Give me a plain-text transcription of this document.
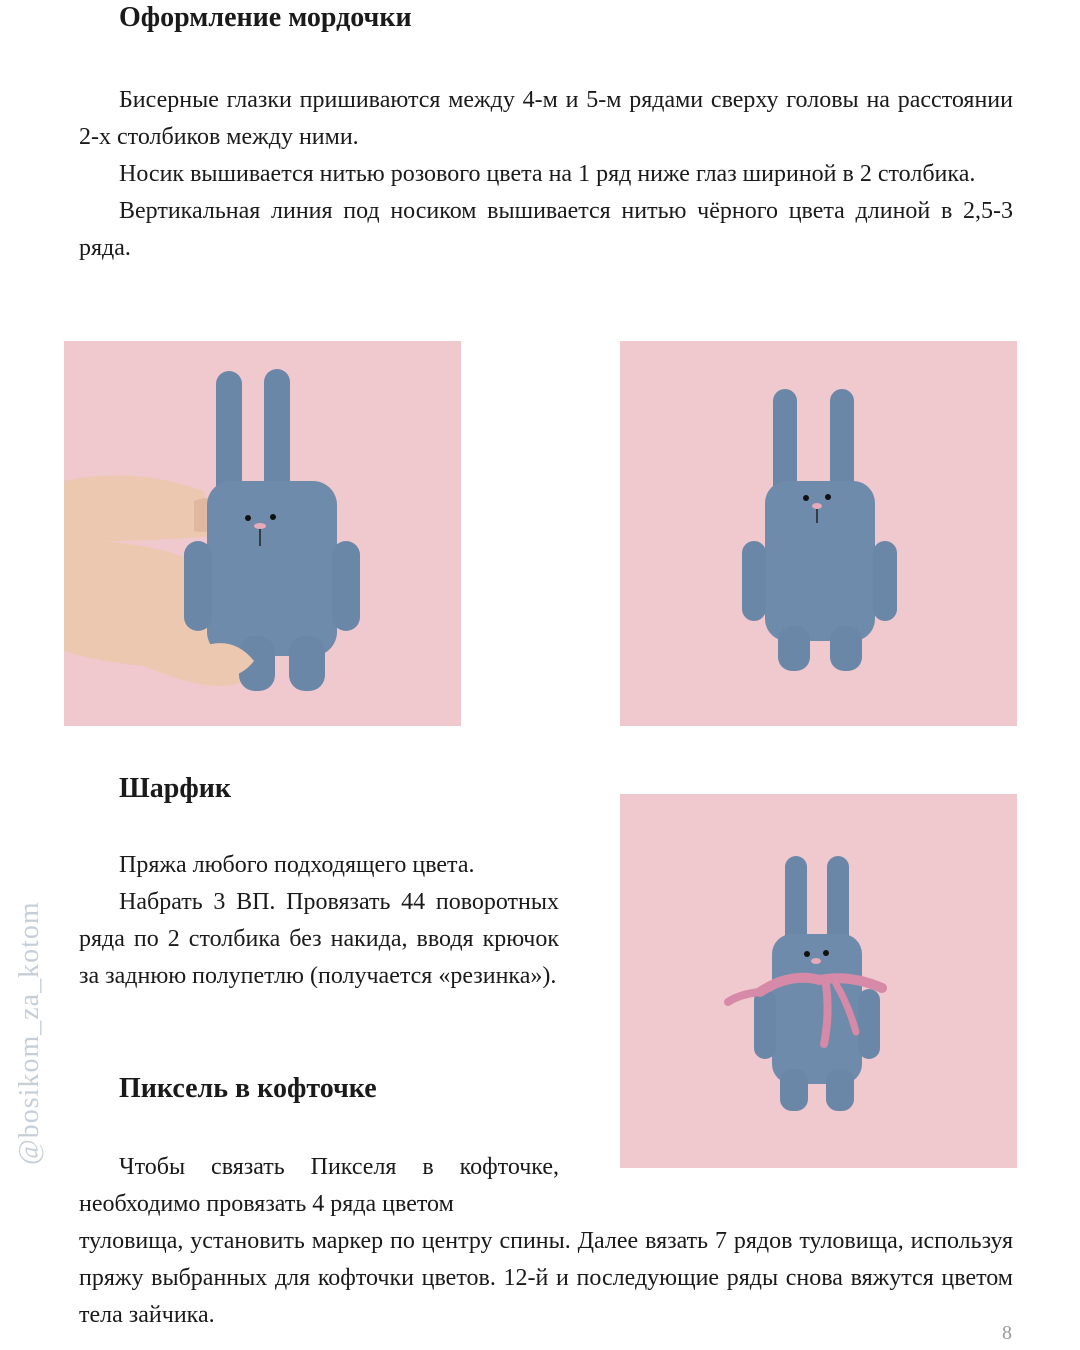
Оформление мордочки

Бисерные глазки пришиваются между 4-м и 5-м рядами сверху головы на расстоянии 2-х столбиков между ними.

Носик вышивается нитью розового цвета на 1 ряд ниже глаз шириной в 2 столбика.

Вертикальная линия под носиком вышивается нитью чёрного цвета длиной в 2,5-3 ряда.

Шарфик

Пряжа любого подходящего цвета.

Набрать 3 ВП. Провязать 44 поворотных ряда по 2 столбика без накида, вводя крючок за заднюю полупетлю (получается «резинка»).

Пиксель в кофточке

Чтобы связать Пикселя в кофточке, необходимо провязать 4 ряда цветом

туловища, установить маркер по центру спины. Далее вязать 7 рядов туловища, используя пряжу выбранных для кофточки цветов. 12-й и последующие ряды снова вяжутся цветом тела зайчика.

@bosikom_za_kotom
8
